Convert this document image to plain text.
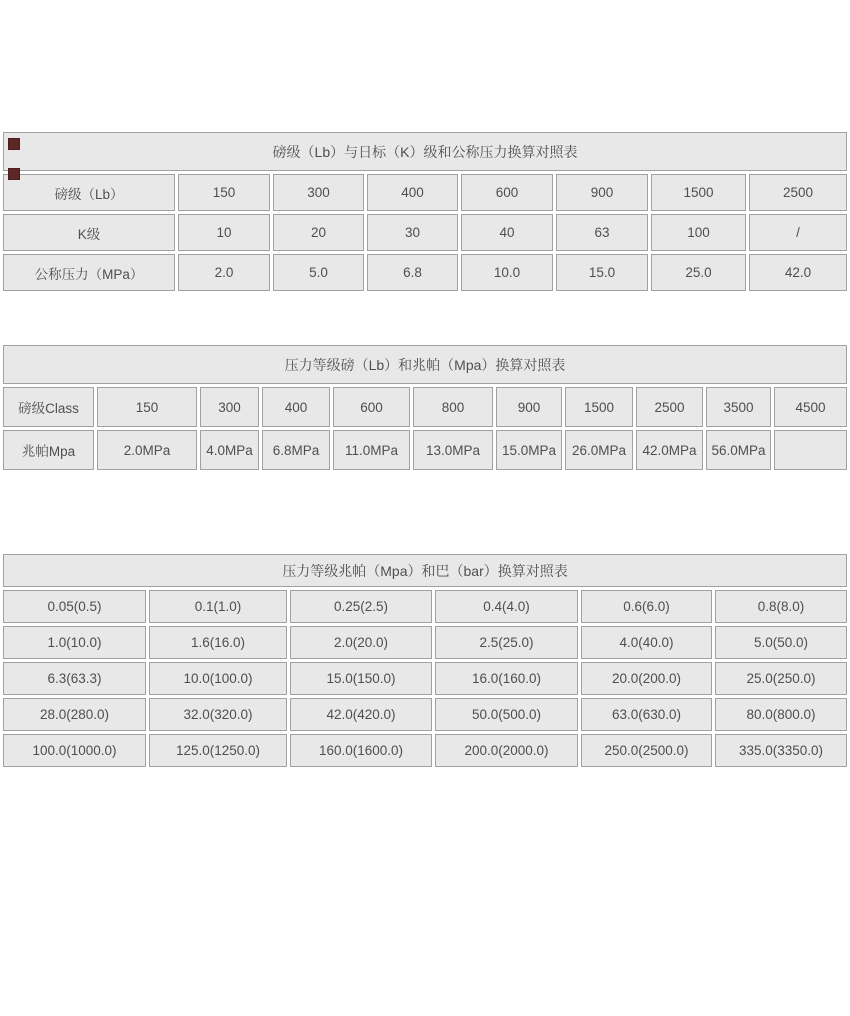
磅级（Lb）与日标（K）级和公称压力换算对照表							
磅级（Lb）	150	300	400	600	900	1500	2500
K级	10	20	30	40	63	100	/
公称压力（MPa）	2.0	5.0	6.8	10.0	15.0	25.0	42.0
压力等级磅（Lb）和兆帕（Mpa）换算对照表										
磅级Class	150	300	400	600	800	900	1500	2500	3500	4500
兆帕Mpa	2.0MPa	4.0MPa	6.8MPa	11.0MPa	13.0MPa	15.0MPa	26.0MPa	42.0MPa	56.0MPa	
压力等级兆帕（Mpa）和巴（bar）换算对照表					
0.05(0.5)	0.1(1.0)	0.25(2.5)	0.4(4.0)	0.6(6.0)	0.8(8.0)
1.0(10.0)	1.6(16.0)	2.0(20.0)	2.5(25.0)	4.0(40.0)	5.0(50.0)
6.3(63.3)	10.0(100.0)	15.0(150.0)	16.0(160.0)	20.0(200.0)	25.0(250.0)
28.0(280.0)	32.0(320.0)	42.0(420.0)	50.0(500.0)	63.0(630.0)	80.0(800.0)
100.0(1000.0)	125.0(1250.0)	160.0(1600.0)	200.0(2000.0)	250.0(2500.0)	335.0(3350.0)
